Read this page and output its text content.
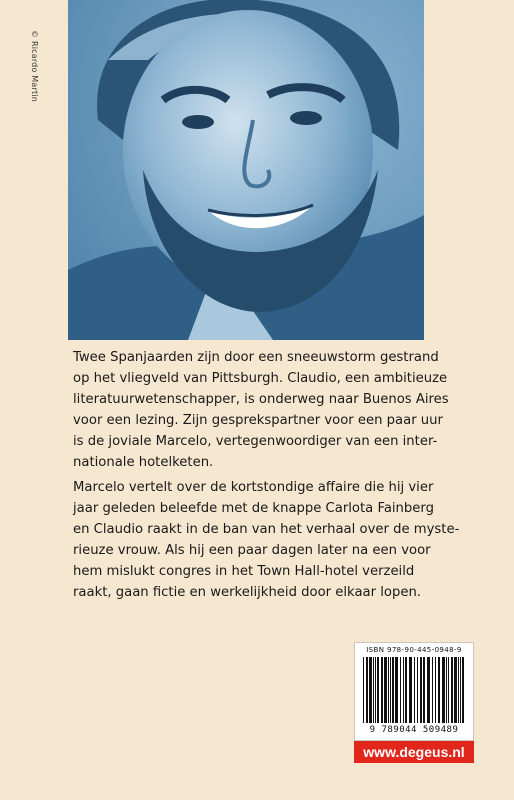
© Ricardo Martin

Twee Spanjaarden zijn door een sneeuwstorm gestrand
op het vliegveld van Pittsburgh. Claudio, een ambitieuze
literatuurwetenschapper, is onderweg naar Buenos Aires
voor een lezing. Zijn gesprekspartner voor een paar uur
is de joviale Marcelo, vertegenwoordiger van een inter-
nationale hotelketen.

Marcelo vertelt over de kortstondige affaire die hij vier
jaar geleden beleefde met de knappe Carlota Fainberg
en Claudio raakt in de ban van het verhaal over de myste-
rieuze vrouw. Als hij een paar dagen later na een voor
hem mislukt congres in het Town Hall-hotel verzeild
raakt, gaan fictie en werkelijkheid door elkaar lopen.

ISBN 978-90-445-0948-9
9 789044 509489
www.degeus.nl
